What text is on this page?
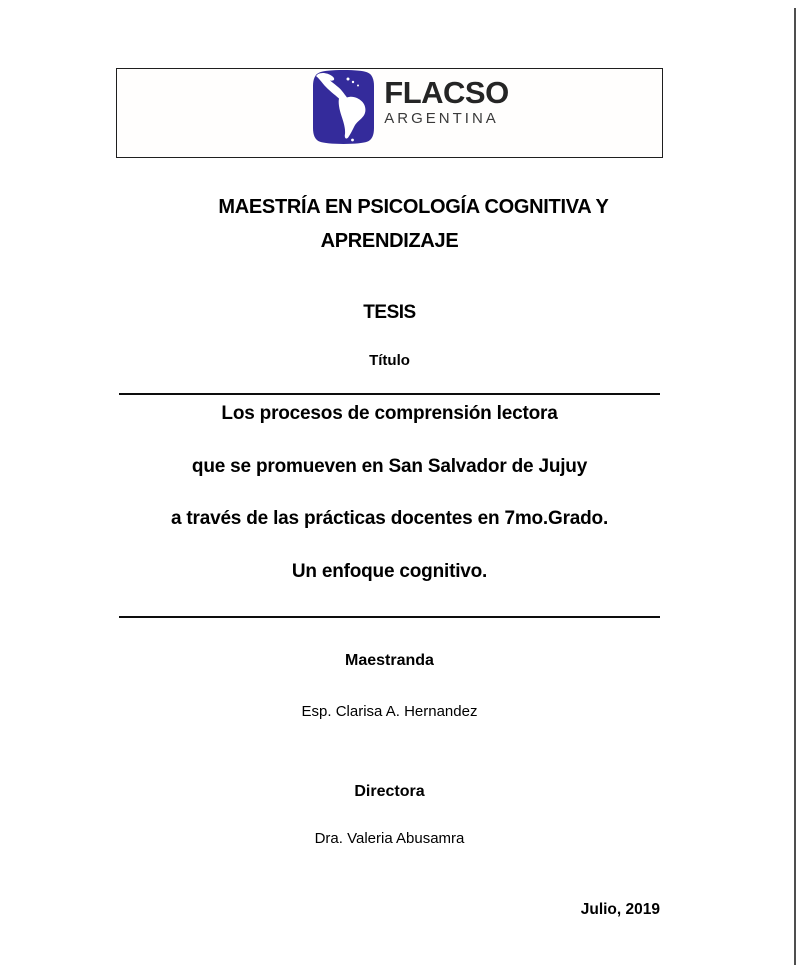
FLACSO
ARGENTINA
MAESTRÍA EN PSICOLOGÍA COGNITIVA Y
APRENDIZAJE
TESIS
Título
Los procesos de comprensión lectora
que se promueven en San Salvador de Jujuy
a través de las prácticas docentes en 7mo.Grado.
Un enfoque cognitivo.
Maestranda
Esp. Clarisa A. Hernandez
Directora
Dra. Valeria Abusamra
Julio, 2019
